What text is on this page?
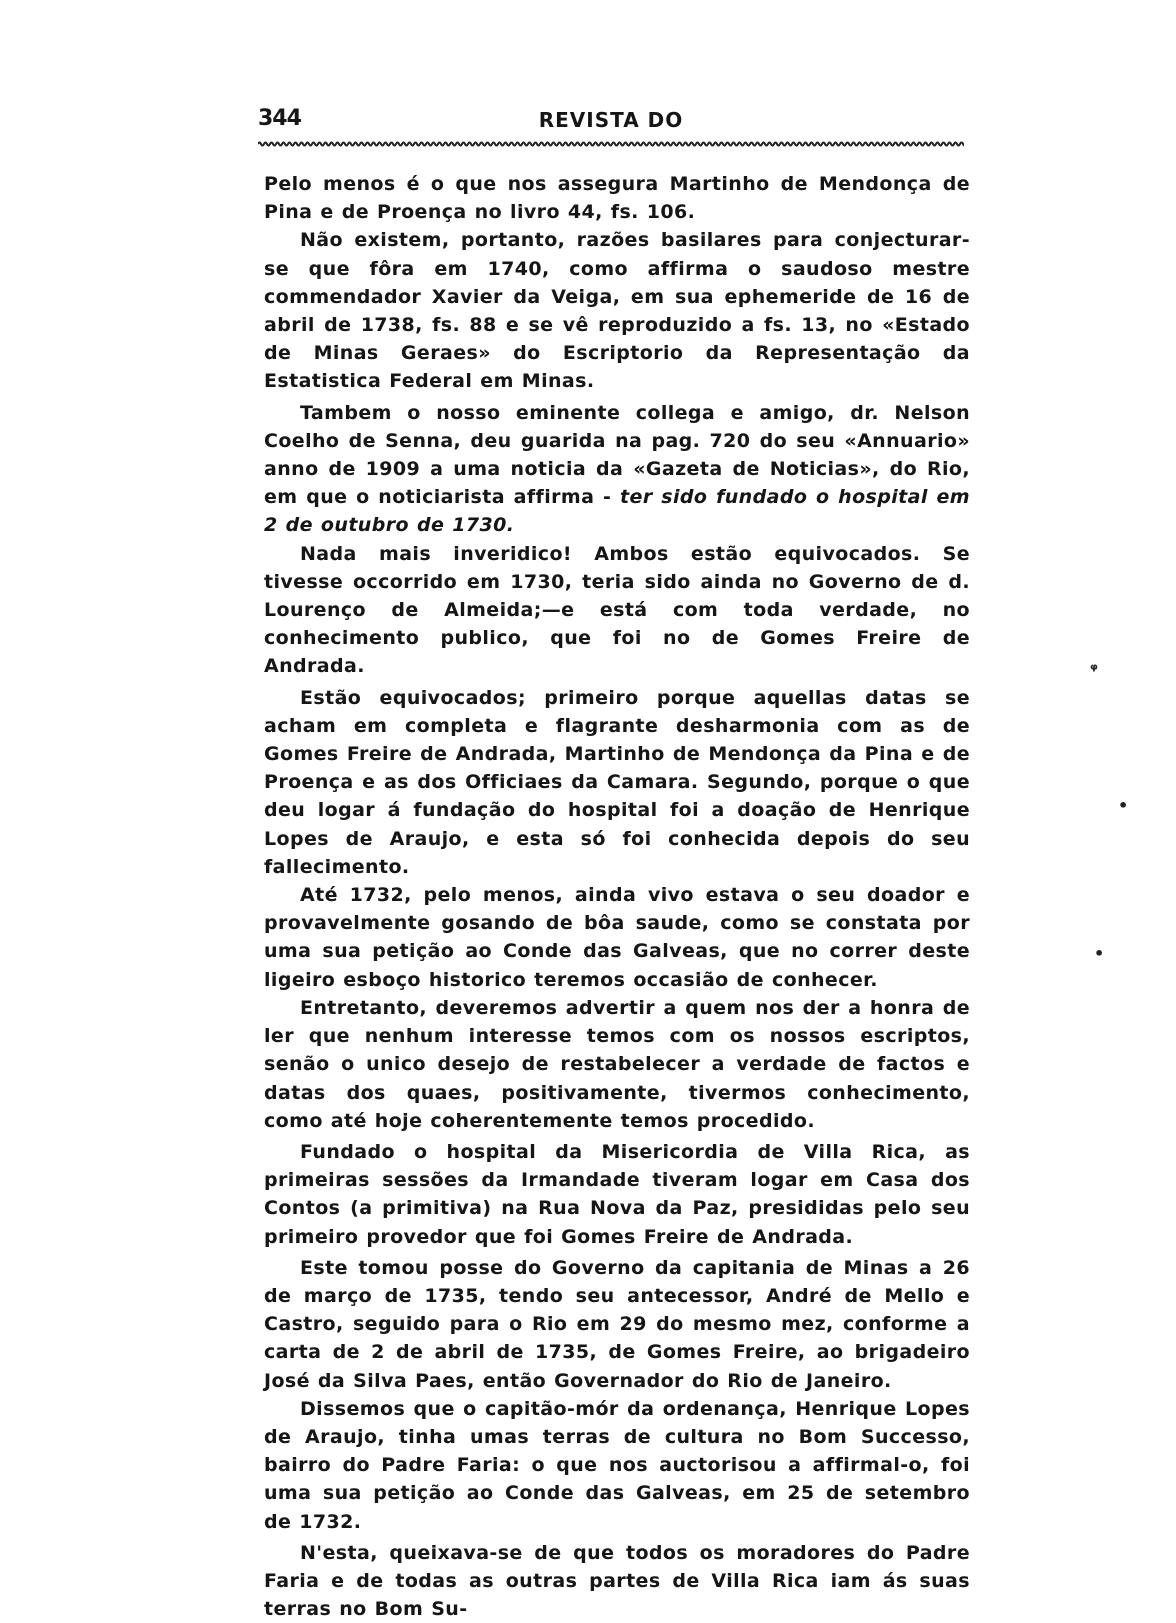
344	REVISTA DO

Pelo menos é o que nos assegura Martinho de Mendonça de Pina e de Proença no livro 44, fs. 106.

Não existem, portanto, razões basilares para conjecturar-se que fôra em 1740, como affirma o saudoso mestre commendador Xavier da Veiga, em sua ephemeride de 16 de abril de 1738, fs. 88 e se vê reproduzido a fs. 13, no «Estado de Minas Geraes» do Escriptorio da Representação da Estatistica Federal em Minas.

Tambem o nosso eminente collega e amigo, dr. Nelson Coelho de Senna, deu guarida na pag. 720 do seu «Annuario» anno de 1909 a uma noticia da «Gazeta de Noticias», do Rio, em que o noticiarista affirma - ter sido fundado o hospital em 2 de outubro de 1730.

Nada mais inveridico! Ambos estão equivocados. Se tivesse occorrido em 1730, teria sido ainda no Governo de d. Lourenço de Almeida;—e está com toda verdade, no conhecimento publico, que foi no de Gomes Freire de Andrada.

Estão equivocados; primeiro porque aquellas datas se acham em completa e flagrante desharmonia com as de Gomes Freire de Andrada, Martinho de Mendonça da Pina e de Proença e as dos Officiaes da Camara. Segundo, porque o que deu logar á fundação do hospital foi a doação de Henrique Lopes de Araujo, e esta só foi conhecida depois do seu fallecimento.

Até 1732, pelo menos, ainda vivo estava o seu doador e provavelmente gosando de bôa saude, como se constata por uma sua petição ao Conde das Galveas, que no correr deste ligeiro esboço historico teremos occasião de conhecer.

Entretanto, deveremos advertir a quem nos der a honra de ler que nenhum interesse temos com os nossos escriptos, senão o unico desejo de restabelecer a verdade de factos e datas dos quaes, positivamente, tivermos conhecimento, como até hoje coherentemente temos procedido.

Fundado o hospital da Misericordia de Villa Rica, as primeiras sessões da Irmandade tiveram logar em Casa dos Contos (a primitiva) na Rua Nova da Paz, presididas pelo seu primeiro provedor que foi Gomes Freire de Andrada.

Este tomou posse do Governo da capitania de Minas a 26 de março de 1735, tendo seu antecessor, André de Mello e Castro, seguido para o Rio em 29 do mesmo mez, conforme a carta de 2 de abril de 1735, de Gomes Freire, ao brigadeiro José da Silva Paes, então Governador do Rio de Janeiro.

Dissemos que o capitão-mór da ordenança, Henrique Lopes de Araujo, tinha umas terras de cultura no Bom Successo, bairro do Padre Faria: o que nos auctorisou a affirmal-o, foi uma sua petição ao Conde das Galveas, em 25 de setembro de 1732.

N'esta, queixava-se de que todos os moradores do Padre Faria e de todas as outras partes de Villa Rica iam ás suas terras no Bom Su-

ᵠ
•
•
